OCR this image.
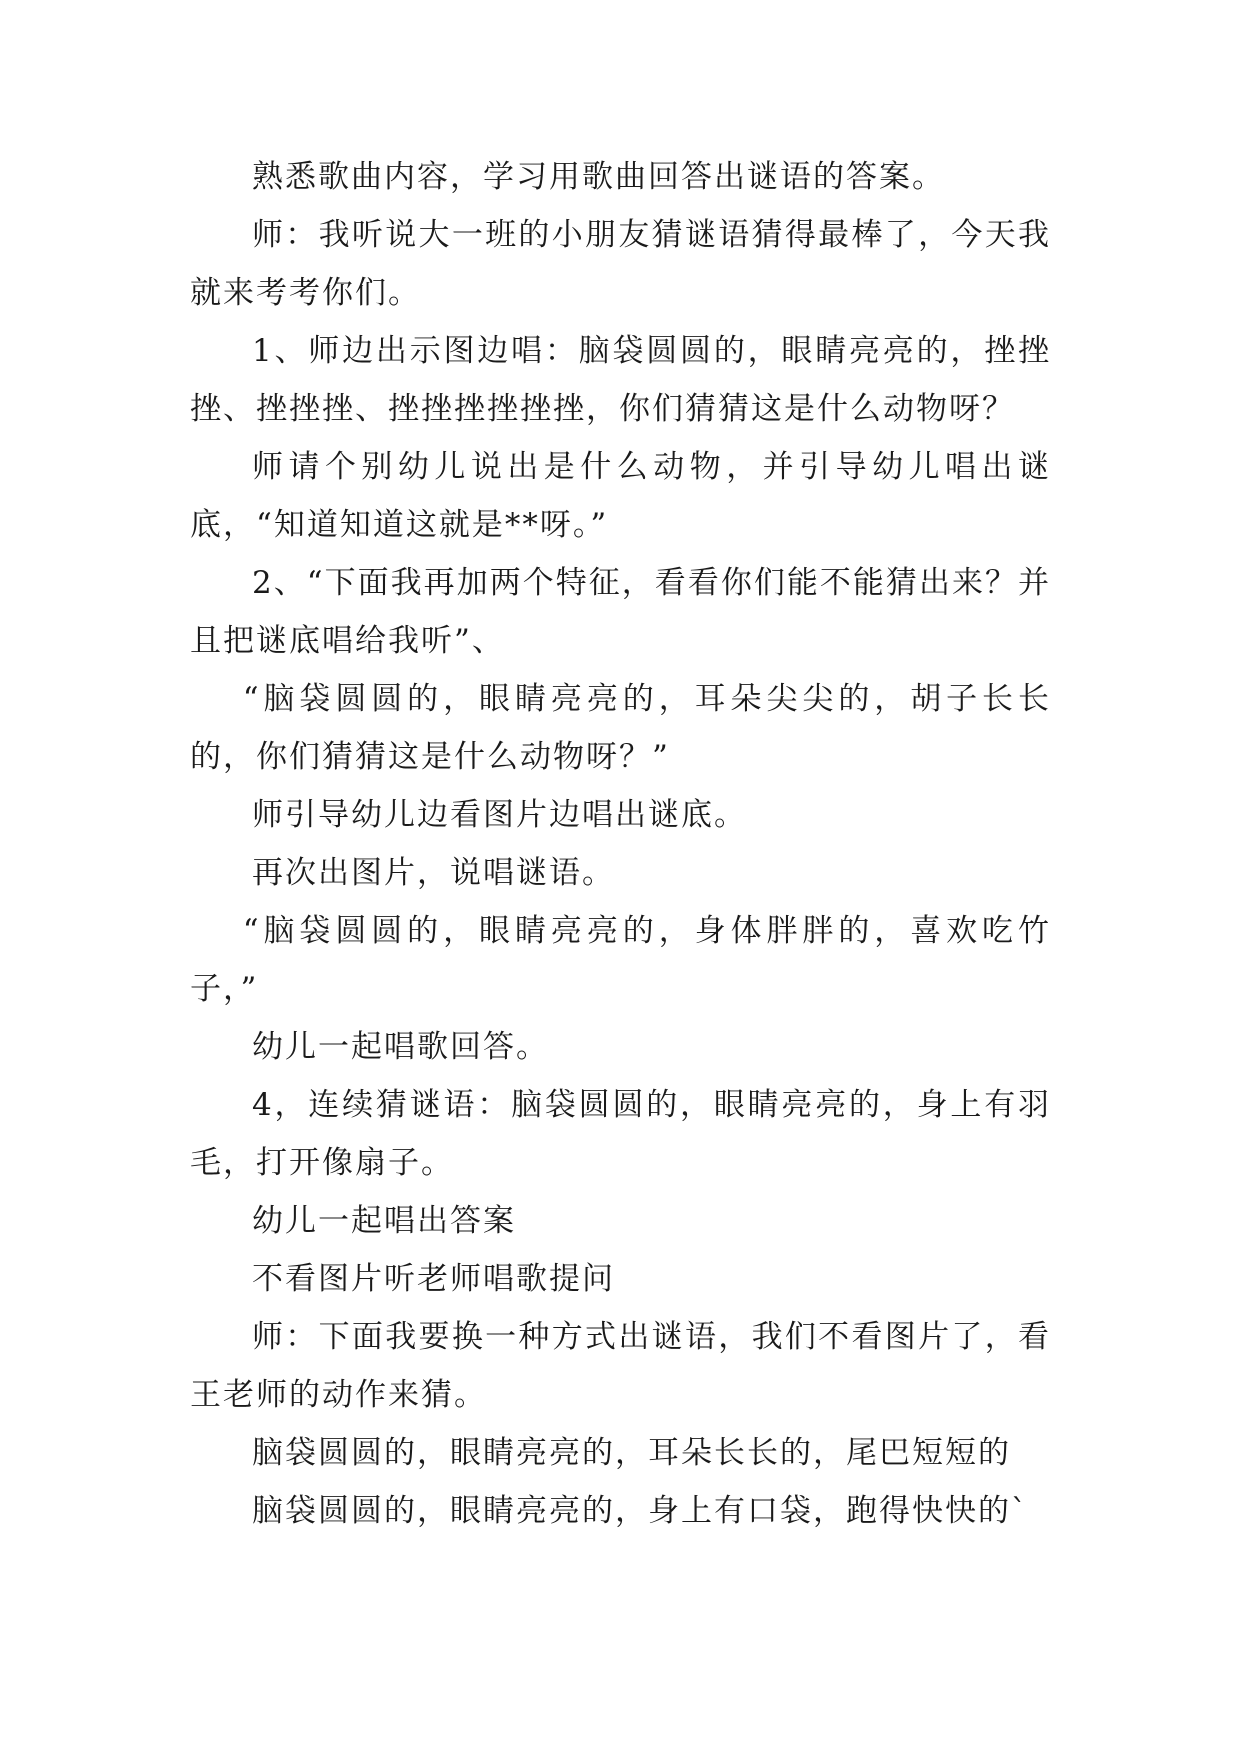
熟悉歌曲内容，学习用歌曲回答出谜语的答案。

师：我听说大一班的小朋友猜谜语猜得最棒了，今天我就来考考你们。

1、师边出示图边唱：脑袋圆圆的，眼睛亮亮的，挫挫挫、挫挫挫、挫挫挫挫挫挫，你们猜猜这是什么动物呀？

师请个别幼儿说出是什么动物，并引导幼儿唱出谜底，“知道知道这就是**呀。”

2、“下面我再加两个特征，看看你们能不能猜出来？并且把谜底唱给我听”、

“脑袋圆圆的，眼睛亮亮的，耳朵尖尖的，胡子长长的，你们猜猜这是什么动物呀？”

师引导幼儿边看图片边唱出谜底。

再次出图片，说唱谜语。

“脑袋圆圆的，眼睛亮亮的，身体胖胖的，喜欢吃竹子，”

幼儿一起唱歌回答。

4，连续猜谜语：脑袋圆圆的，眼睛亮亮的，身上有羽毛，打开像扇子。

幼儿一起唱出答案

不看图片听老师唱歌提问

师：下面我要换一种方式出谜语，我们不看图片了，看王老师的动作来猜。

脑袋圆圆的，眼睛亮亮的，耳朵长长的，尾巴短短的

脑袋圆圆的，眼睛亮亮的，身上有口袋，跑得快快的`
